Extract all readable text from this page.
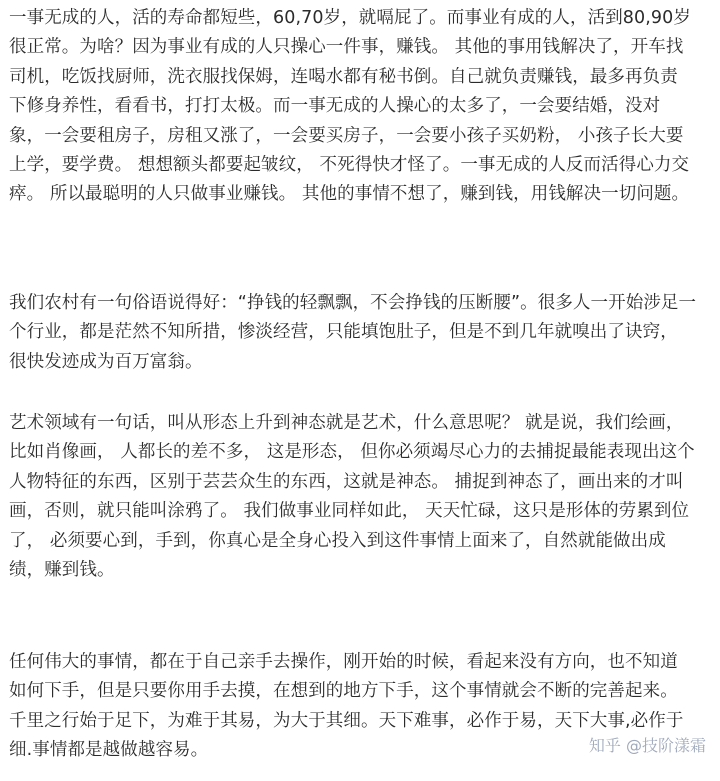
一事无成的人，活的寿命都短些，60,70岁，就嗝屁了。而事业有成的人，活到80,90岁
很正常。为啥？因为事业有成的人只操心一件事，赚钱。 其他的事用钱解决了，开车找
司机，吃饭找厨师，洗衣服找保姆，连喝水都有秘书倒。自己就负责赚钱，最多再负责
下修身养性，看看书，打打太极。而一事无成的人操心的太多了，一会要结婚，没对
象，一会要租房子，房租又涨了，一会要买房子，一会要小孩子买奶粉， 小孩子长大要
上学，要学费。 想想额头都要起皱纹， 不死得快才怪了。一事无成的人反而活得心力交
瘁。 所以最聪明的人只做事业赚钱。 其他的事情不想了，赚到钱，用钱解决一切问题。

我们农村有一句俗语说得好：“挣钱的轻飘飘，不会挣钱的压断腰”。很多人一开始涉足一
个行业，都是茫然不知所措，惨淡经营，只能填饱肚子，但是不到几年就嗅出了诀窍，
很快发迹成为百万富翁。

艺术领域有一句话，叫从形态上升到神态就是艺术，什么意思呢？ 就是说，我们绘画，
比如肖像画， 人都长的差不多， 这是形态， 但你必须竭尽心力的去捕捉最能表现出这个
人物特征的东西，区别于芸芸众生的东西，这就是神态。 捕捉到神态了，画出来的才叫
画，否则，就只能叫涂鸦了。 我们做事业同样如此， 天天忙碌，这只是形体的劳累到位
了， 必须要心到，手到，你真心是全身心投入到这件事情上面来了，自然就能做出成
绩，赚到钱。

任何伟大的事情，都在于自己亲手去操作，刚开始的时候，看起来没有方向，也不知道
如何下手，但是只要你用手去摸，在想到的地方下手，这个事情就会不断的完善起来。
千里之行始于足下，为难于其易，为大于其细。天下难事，必作于易，天下大事,必作于
细.事情都是越做越容易。	知乎 @技阶漾霜
